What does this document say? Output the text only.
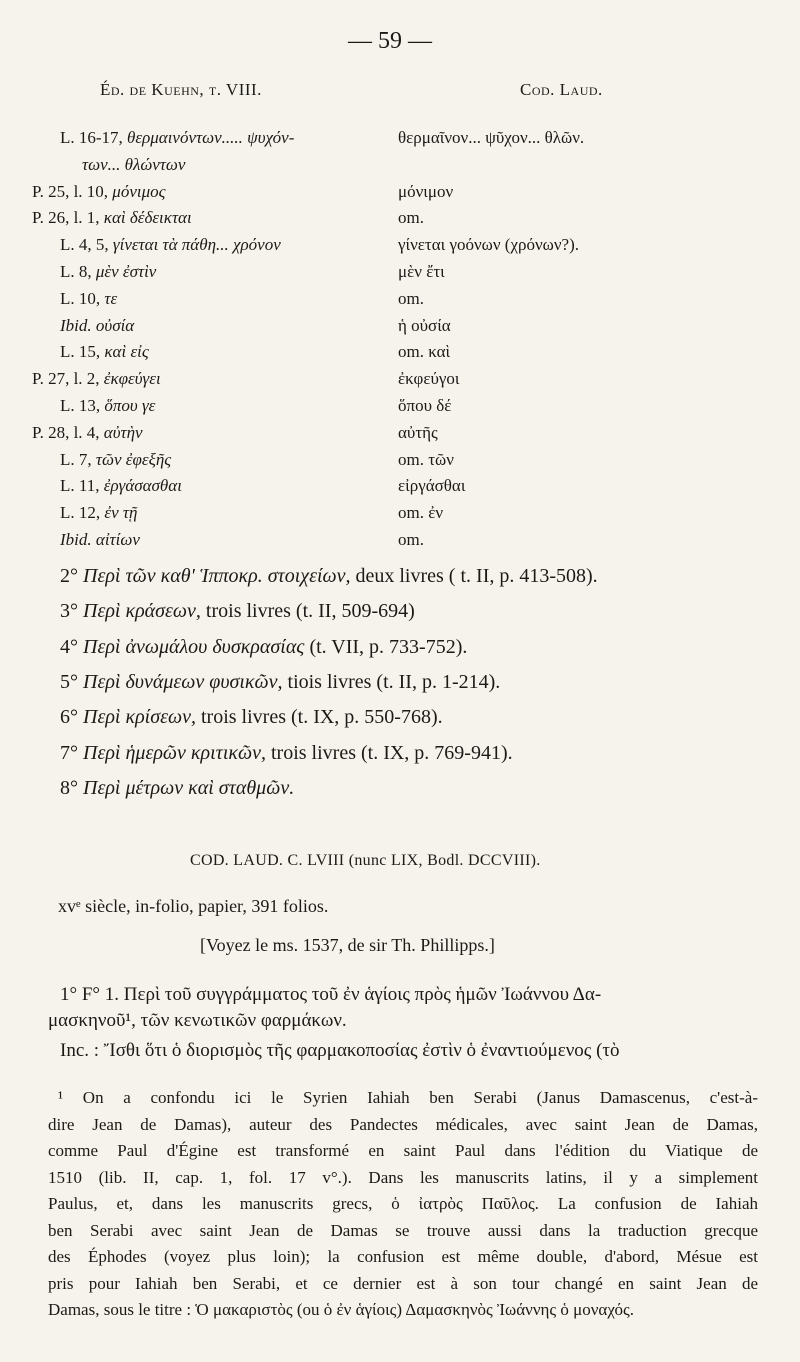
— 59 —
Éd. de Kuehn, t. VIII.	Cod. Laud.
L. 16-17, θερμαινόντων..... ψυχόν-	θερμαῖνον... ψῦχον... θλῶν.
των... θλώντων
P. 25, l. 10, μόνιμος	μόνιμον
P. 26, l. 1, καὶ δέδεικται	om.
L. 4, 5, γίνεται τὰ πάθη... χρόνον	γίνεται γοόνων (χρόνων?).
L. 8, μὲν ἐστὶν	μὲν ἔτι
L. 10, τε	om.
Ibid. οὐσία	ἡ οὐσία
L. 15, καὶ εἰς	om. καὶ
P. 27, l. 2, ἐκφεύγει	ἐκφεύγοι
L. 13, ὅπου γε	ὅπου δέ
P. 28, l. 4, αὐτὴν	αὐτῆς
L. 7, τῶν ἐφεξῆς	om. τῶν
L. 11, ἐργάσασθαι	εἰργάσθαι
L. 12, ἐν τῇ	om. ἐν
Ibid. αἰτίων	om.
2° Περὶ τῶν καθ' Ἱπποκρ. στοιχείων, deux livres ( t. II, p. 413-508).
3° Περὶ κράσεων, trois livres (t. II, 509-694)
4° Περὶ ἀνωμάλου δυσκρασίας (t. VII, p. 733-752).
5° Περὶ δυνάμεων φυσικῶν, tiois livres (t. II, p. 1-214).
6° Περὶ κρίσεων, trois livres (t. IX, p. 550-768).
7° Περὶ ἡμερῶν κριτικῶν, trois livres (t. IX, p. 769-941).
8° Περὶ μέτρων καὶ σταθμῶν.
COD. LAUD. C. LVIII (nunc LIX, Bodl. DCCVIII).
xvᵉ siècle, in-folio, papier, 391 folios.
[Voyez le ms. 1537, de sir Th. Phillipps.]
1° F° 1. Περὶ τοῦ συγγράμματος τοῦ ἐν ἁγίοις πρὸς ἡμῶν Ἰωάννου Δα-
μασκηνοῦ¹, τῶν κενωτικῶν φαρμάκων.
Inc. : Ἴσθι ὅτι ὁ διορισμὸς τῆς φαρμακοποσίας ἐστὶν ὁ ἐναντιούμενος (τὸ
¹ On a confondu ici le Syrien Iahiah ben Serabi (Janus Damascenus, c'est-à-
dire Jean de Damas), auteur des Pandectes médicales, avec saint Jean de Damas,
comme Paul d'Égine est transformé en saint Paul dans l'édition du Viatique de
1510 (lib. II, cap. 1, fol. 17 v°.). Dans les manuscrits latins, il y a simplement
Paulus, et, dans les manuscrits grecs, ὁ ἰατρὸς Παῦλος. La confusion de Iahiah
ben Serabi avec saint Jean de Damas se trouve aussi dans la traduction grecque
des Éphodes (voyez plus loin); la confusion est même double, d'abord, Mésue est
pris pour Iahiah ben Serabi, et ce dernier est à son tour changé en saint Jean de
Damas, sous le titre : Ὁ μακαριστὸς (ou ὁ ἐν ἁγίοις) Δαμασκηνὸς Ἰωάννης ὁ μοναχός.
